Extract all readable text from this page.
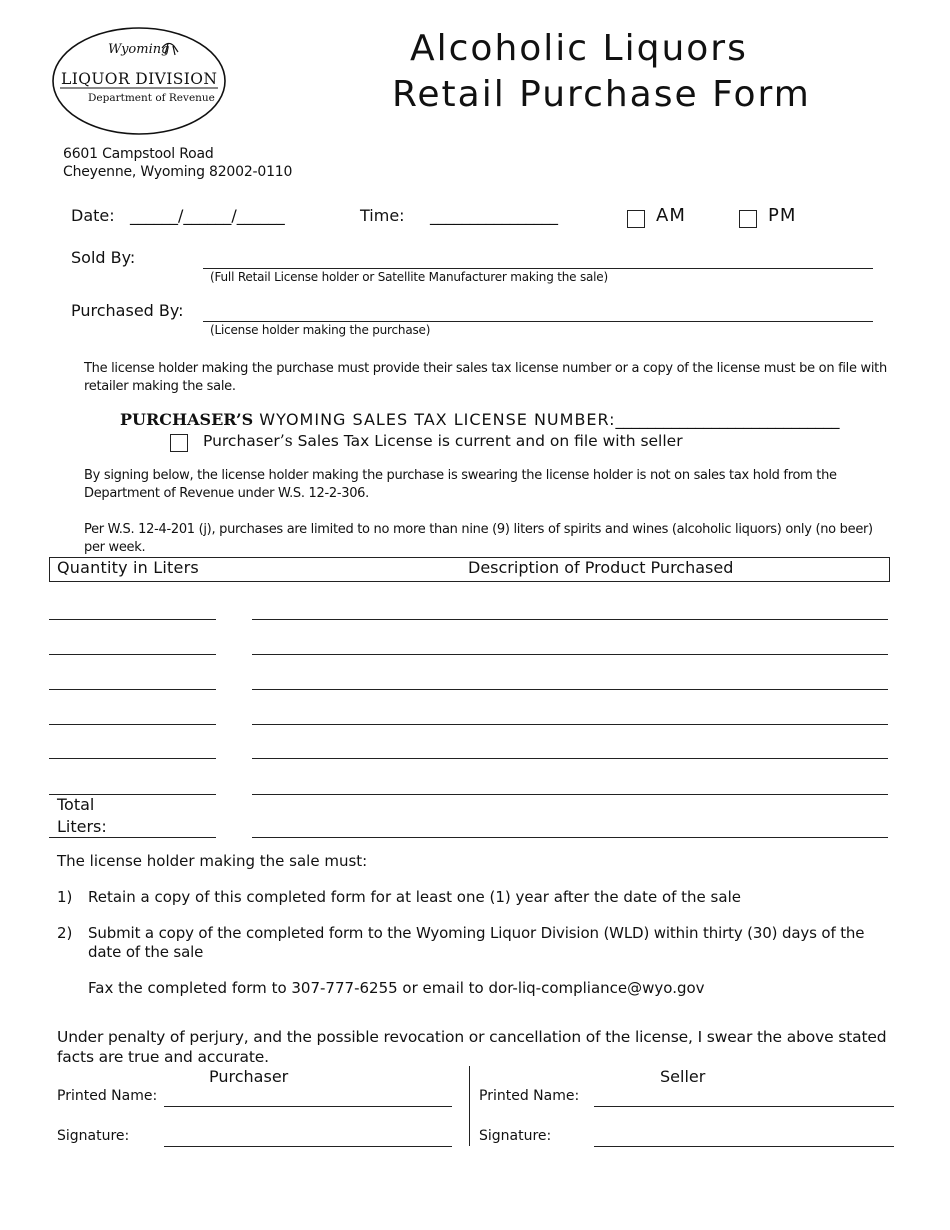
Wyoming
LIQUOR DIVISION
Department of Revenue
Alcoholic Liquors
Retail Purchase Form
6601 Campstool Road
Cheyenne, Wyoming 82002-0110
Date: ______/______/______	Time: ________________	AM	PM
Sold By:
(Full Retail License holder or Satellite Manufacturer making the sale)
Purchased By:
(License holder making the purchase)
The license holder making the purchase must provide their sales tax license number or a copy of the license must be on file with retailer making the sale.
PURCHASER’S WYOMING SALES TAX LICENSE NUMBER:____________________________
Purchaser’s Sales Tax License is current and on file with seller
By signing below, the license holder making the purchase is swearing the license holder is not on sales tax hold from the Department of Revenue under W.S. 12-2-306.
Per W.S. 12-4-201 (j), purchases are limited to no more than nine (9) liters of spirits and wines (alcoholic liquors) only (no beer) per week.
Quantity in Liters	Description of Product Purchased
Total
Liters:
The license holder making the sale must:
1) Retain a copy of this completed form for at least one (1) year after the date of the sale
2) Submit a copy of the completed form to the Wyoming Liquor Division (WLD) within thirty (30) days of the date of the sale
Fax the completed form to 307-777-6255 or email to dor-liq-compliance@wyo.gov
Under penalty of perjury, and the possible revocation or cancellation of the license, I swear the above stated facts are true and accurate.
Purchaser	Seller
Printed Name:
Signature:
Printed Name:
Signature:
